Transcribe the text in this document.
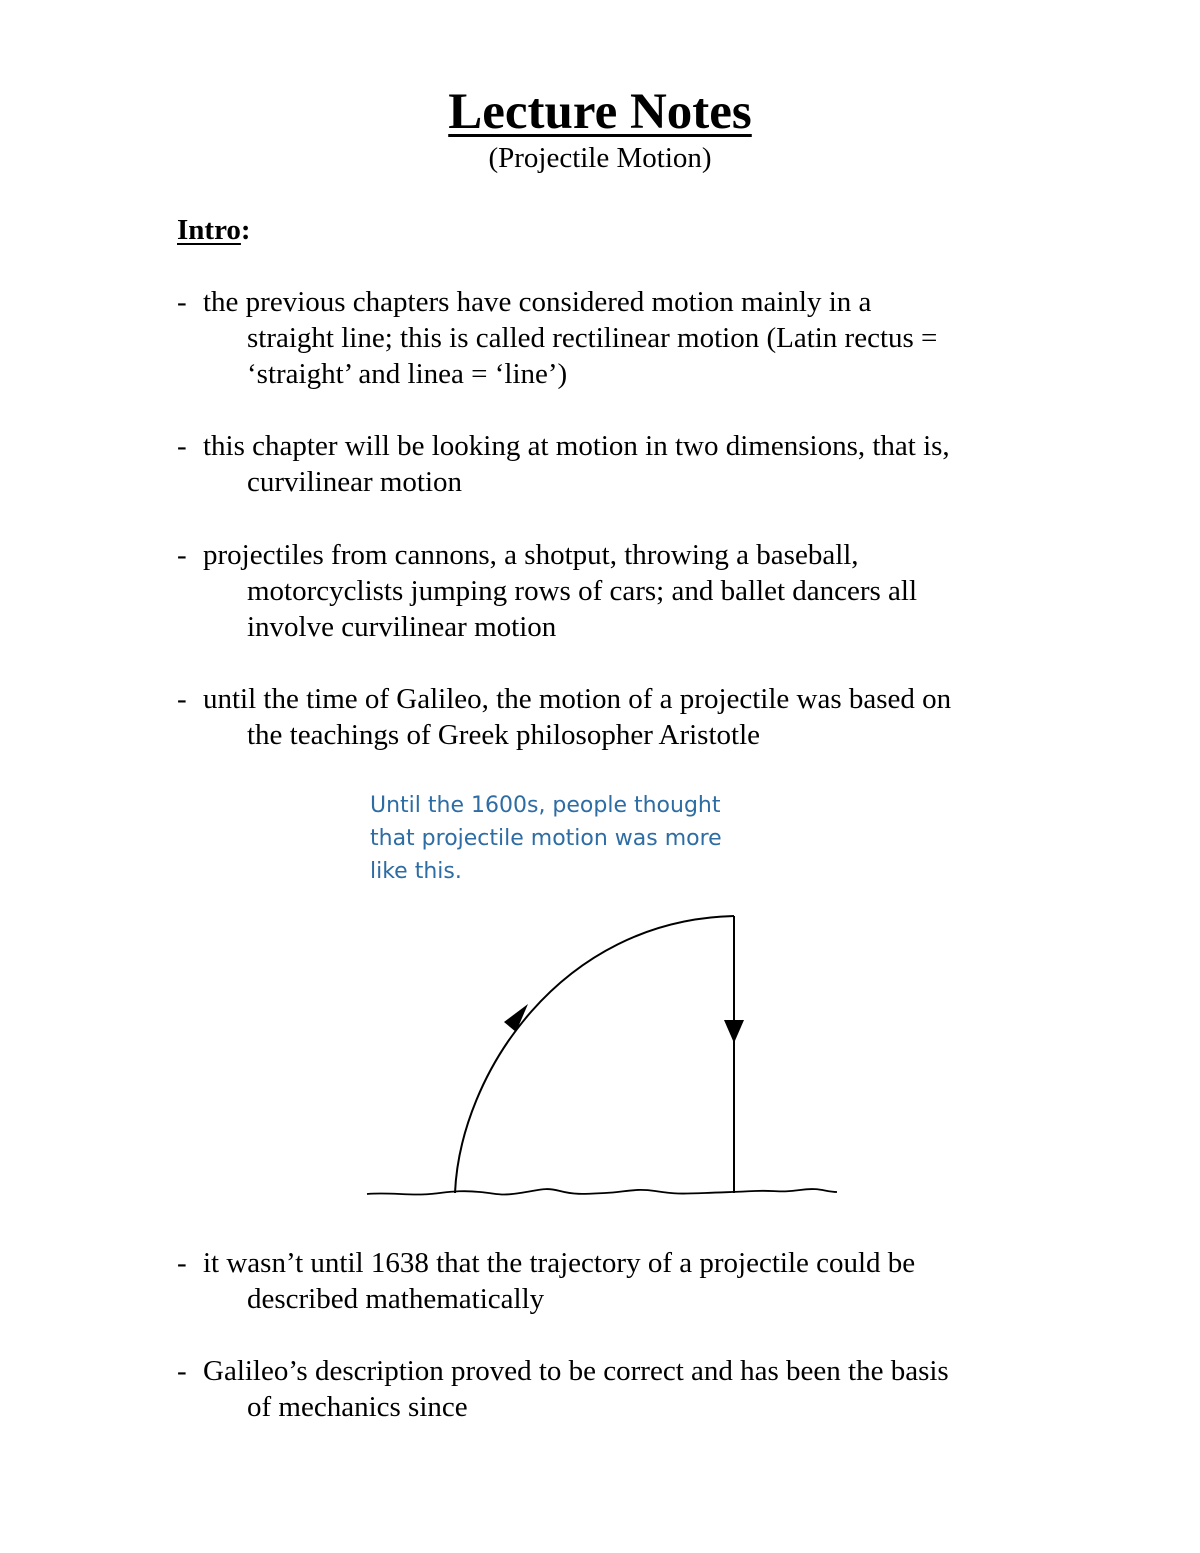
Lecture Notes
(Projectile Motion)
Intro:
- the previous chapters have considered motion mainly in a
straight line; this is called rectilinear motion (Latin rectus =
‘straight’ and linea = ‘line’)
- this chapter will be looking at motion in two dimensions, that is,
curvilinear motion
- projectiles from cannons, a shotput, throwing a baseball,
motorcyclists jumping rows of cars; and ballet dancers all
involve curvilinear motion
- until the time of Galileo, the motion of a projectile was based on
the teachings of Greek philosopher Aristotle
Until the 1600s, people thought
that projectile motion was more
like this.
- it wasn’t until 1638 that the trajectory of a projectile could be
described mathematically
- Galileo’s description proved to be correct and has been the basis
of mechanics since
